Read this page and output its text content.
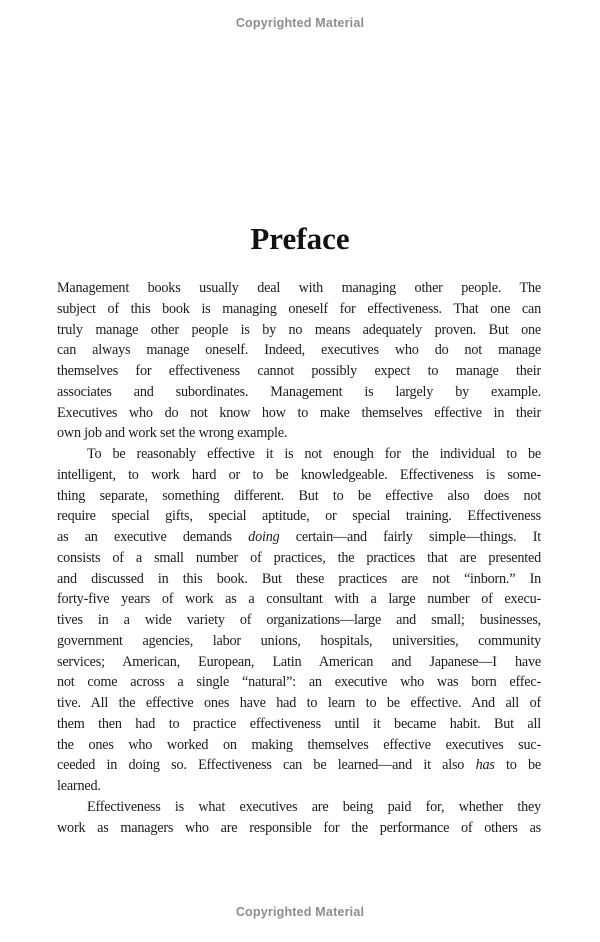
Copyrighted Material
Preface
Management books usually deal with managing other people. The
subject of this book is managing oneself for effectiveness. That one can
truly manage other people is by no means adequately proven. But one
can always manage oneself. Indeed, executives who do not manage
themselves for effectiveness cannot possibly expect to manage their
associates and subordinates. Management is largely by example.
Executives who do not know how to make themselves effective in their
own job and work set the wrong example.
To be reasonably effective it is not enough for the individual to be
intelligent, to work hard or to be knowledgeable. Effectiveness is some-
thing separate, something different. But to be effective also does not
require special gifts, special aptitude, or special training. Effectiveness
as an executive demands doing certain—and fairly simple—things. It
consists of a small number of practices, the practices that are presented
and discussed in this book. But these practices are not “inborn.” In
forty-five years of work as a consultant with a large number of execu-
tives in a wide variety of organizations—large and small; businesses,
government agencies, labor unions, hospitals, universities, community
services; American, European, Latin American and Japanese—I have
not come across a single “natural”: an executive who was born effec-
tive. All the effective ones have had to learn to be effective. And all of
them then had to practice effectiveness until it became habit. But all
the ones who worked on making themselves effective executives suc-
ceeded in doing so. Effectiveness can be learned—and it also has to be
learned.
Effectiveness is what executives are being paid for, whether they
work as managers who are responsible for the performance of others as
Copyrighted Material
